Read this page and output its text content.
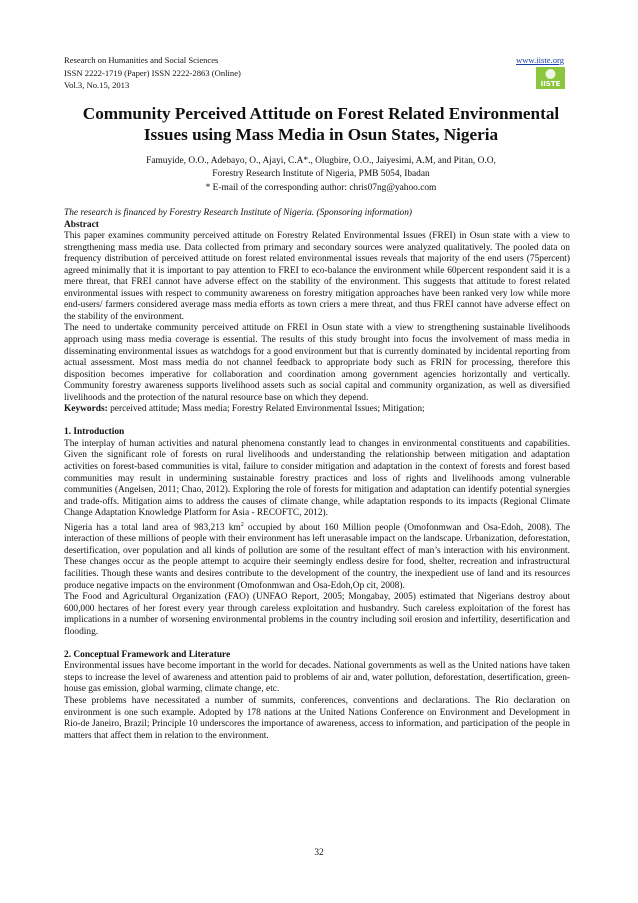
Research on Humanities and Social Sciences
ISSN 2222-1719 (Paper) ISSN 2222-2863 (Online)
Vol.3, No.15, 2013
www.iiste.org
IISTE
Community Perceived Attitude on Forest Related Environmental Issues using Mass Media in Osun States, Nigeria
Famuyide, O.O., Adebayo, O., Ajayi, C.A*., Olugbire, O.O., Jaiyesimi, A.M, and Pitan, O.O,
Forestry Research Institute of Nigeria, PMB 5054, Ibadan
* E-mail of the corresponding author: chris07ng@yahoo.com

The research is financed by Forestry Research Institute of Nigeria. (Sponsoring information)

Abstract

This paper examines community perceived attitude on Forestry Related Environmental Issues (FREI) in Osun state with a view to strengthening mass media use. Data collected from primary and secondary sources were analyzed qualitatively. The pooled data on frequency distribution of perceived attitude on forest related environmental issues reveals that majority of the end users (75percent) agreed minimally that it is important to pay attention to FREI to eco-balance the environment while 60percent respondent said it is a mere threat, that FREI cannot have adverse effect on the stability of the environment. This suggests that attitude to forest related environmental issues with respect to community awareness on forestry mitigation approaches have been ranked very low while more end-users/ farmers considered average mass media efforts as town criers a mere threat, and thus FREI cannot have adverse effect on the stability of the environment.

The need to undertake community perceived attitude on FREI in Osun state with a view to strengthening sustainable livelihoods approach using mass media coverage is essential. The results of this study brought into focus the involvement of mass media in disseminating environmental issues as watchdogs for a good environment but that is currently dominated by incidental reporting from actual assessment. Most mass media do not channel feedback to appropriate body such as FRIN for processing, therefore this disposition becomes imperative for collaboration and coordination among government agencies horizontally and vertically. Community forestry awareness supports livelihood assets such as social capital and community organization, as well as diversified livelihoods and the protection of the natural resource base on which they depend.

Keywords: perceived attitude; Mass media; Forestry Related Environmental Issues; Mitigation;

1. Introduction

The interplay of human activities and natural phenomena constantly lead to changes in environmental constituents and capabilities. Given the significant role of forests on rural livelihoods and understanding the relationship between mitigation and adaptation activities on forest-based communities is vital, failure to consider mitigation and adaptation in the context of forests and forest based communities may result in undermining sustainable forestry practices and loss of rights and livelihoods among vulnerable communities (Angelsen, 2011; Chao, 2012). Exploring the role of forests for mitigation and adaptation can identify potential synergies and trade-offs. Mitigation aims to address the causes of climate change, while adaptation responds to its impacts (Regional Climate Change Adaptation Knowledge Platform for Asia - RECOFTC, 2012).

Nigeria has a total land area of 983,213 $km^2$ occupied by about 160 Million people (Omofonmwan and Osa-Edoh, 2008). The interaction of these millions of people with their environment has left unerasable impact on the landscape. Urbanization, deforestation, desertification, over population and all kinds of pollution are some of the resultant effect of man’s interaction with his environment. These changes occur as the people attempt to acquire their seemingly endless desire for food, shelter, recreation and infrastructural facilities. Though these wants and desires contribute to the development of the country, the inexpedient use of land and its resources produce negative impacts on the environment (Omofonmwan and Osa-Edoh,Op cit, 2008).

The Food and Agricultural Organization (FAO) (UNFAO Report, 2005; Mongabay, 2005) estimated that Nigerians destroy about 600,000 hectares of her forest every year through careless exploitation and husbandry. Such careless exploitation of the forest has implications in a number of worsening environmental problems in the country including soil erosion and infertility, desertification and flooding.

2. Conceptual Framework and Literature

Environmental issues have become important in the world for decades. National governments as well as the United nations have taken steps to increase the level of awareness and attention paid to problems of air and, water pollution, deforestation, desertification, green-house gas emission, global warming, climate change, etc.

These problems have necessitated a number of summits, conferences, conventions and declarations. The Rio declaration on environment is one such example. Adopted by 178 nations at the United Nations Conference on Environment and Development in Rio-de Janeiro, Brazil; Principle 10 underscores the importance of awareness, access to information, and participation of the people in matters that affect them in relation to the environment.

32
